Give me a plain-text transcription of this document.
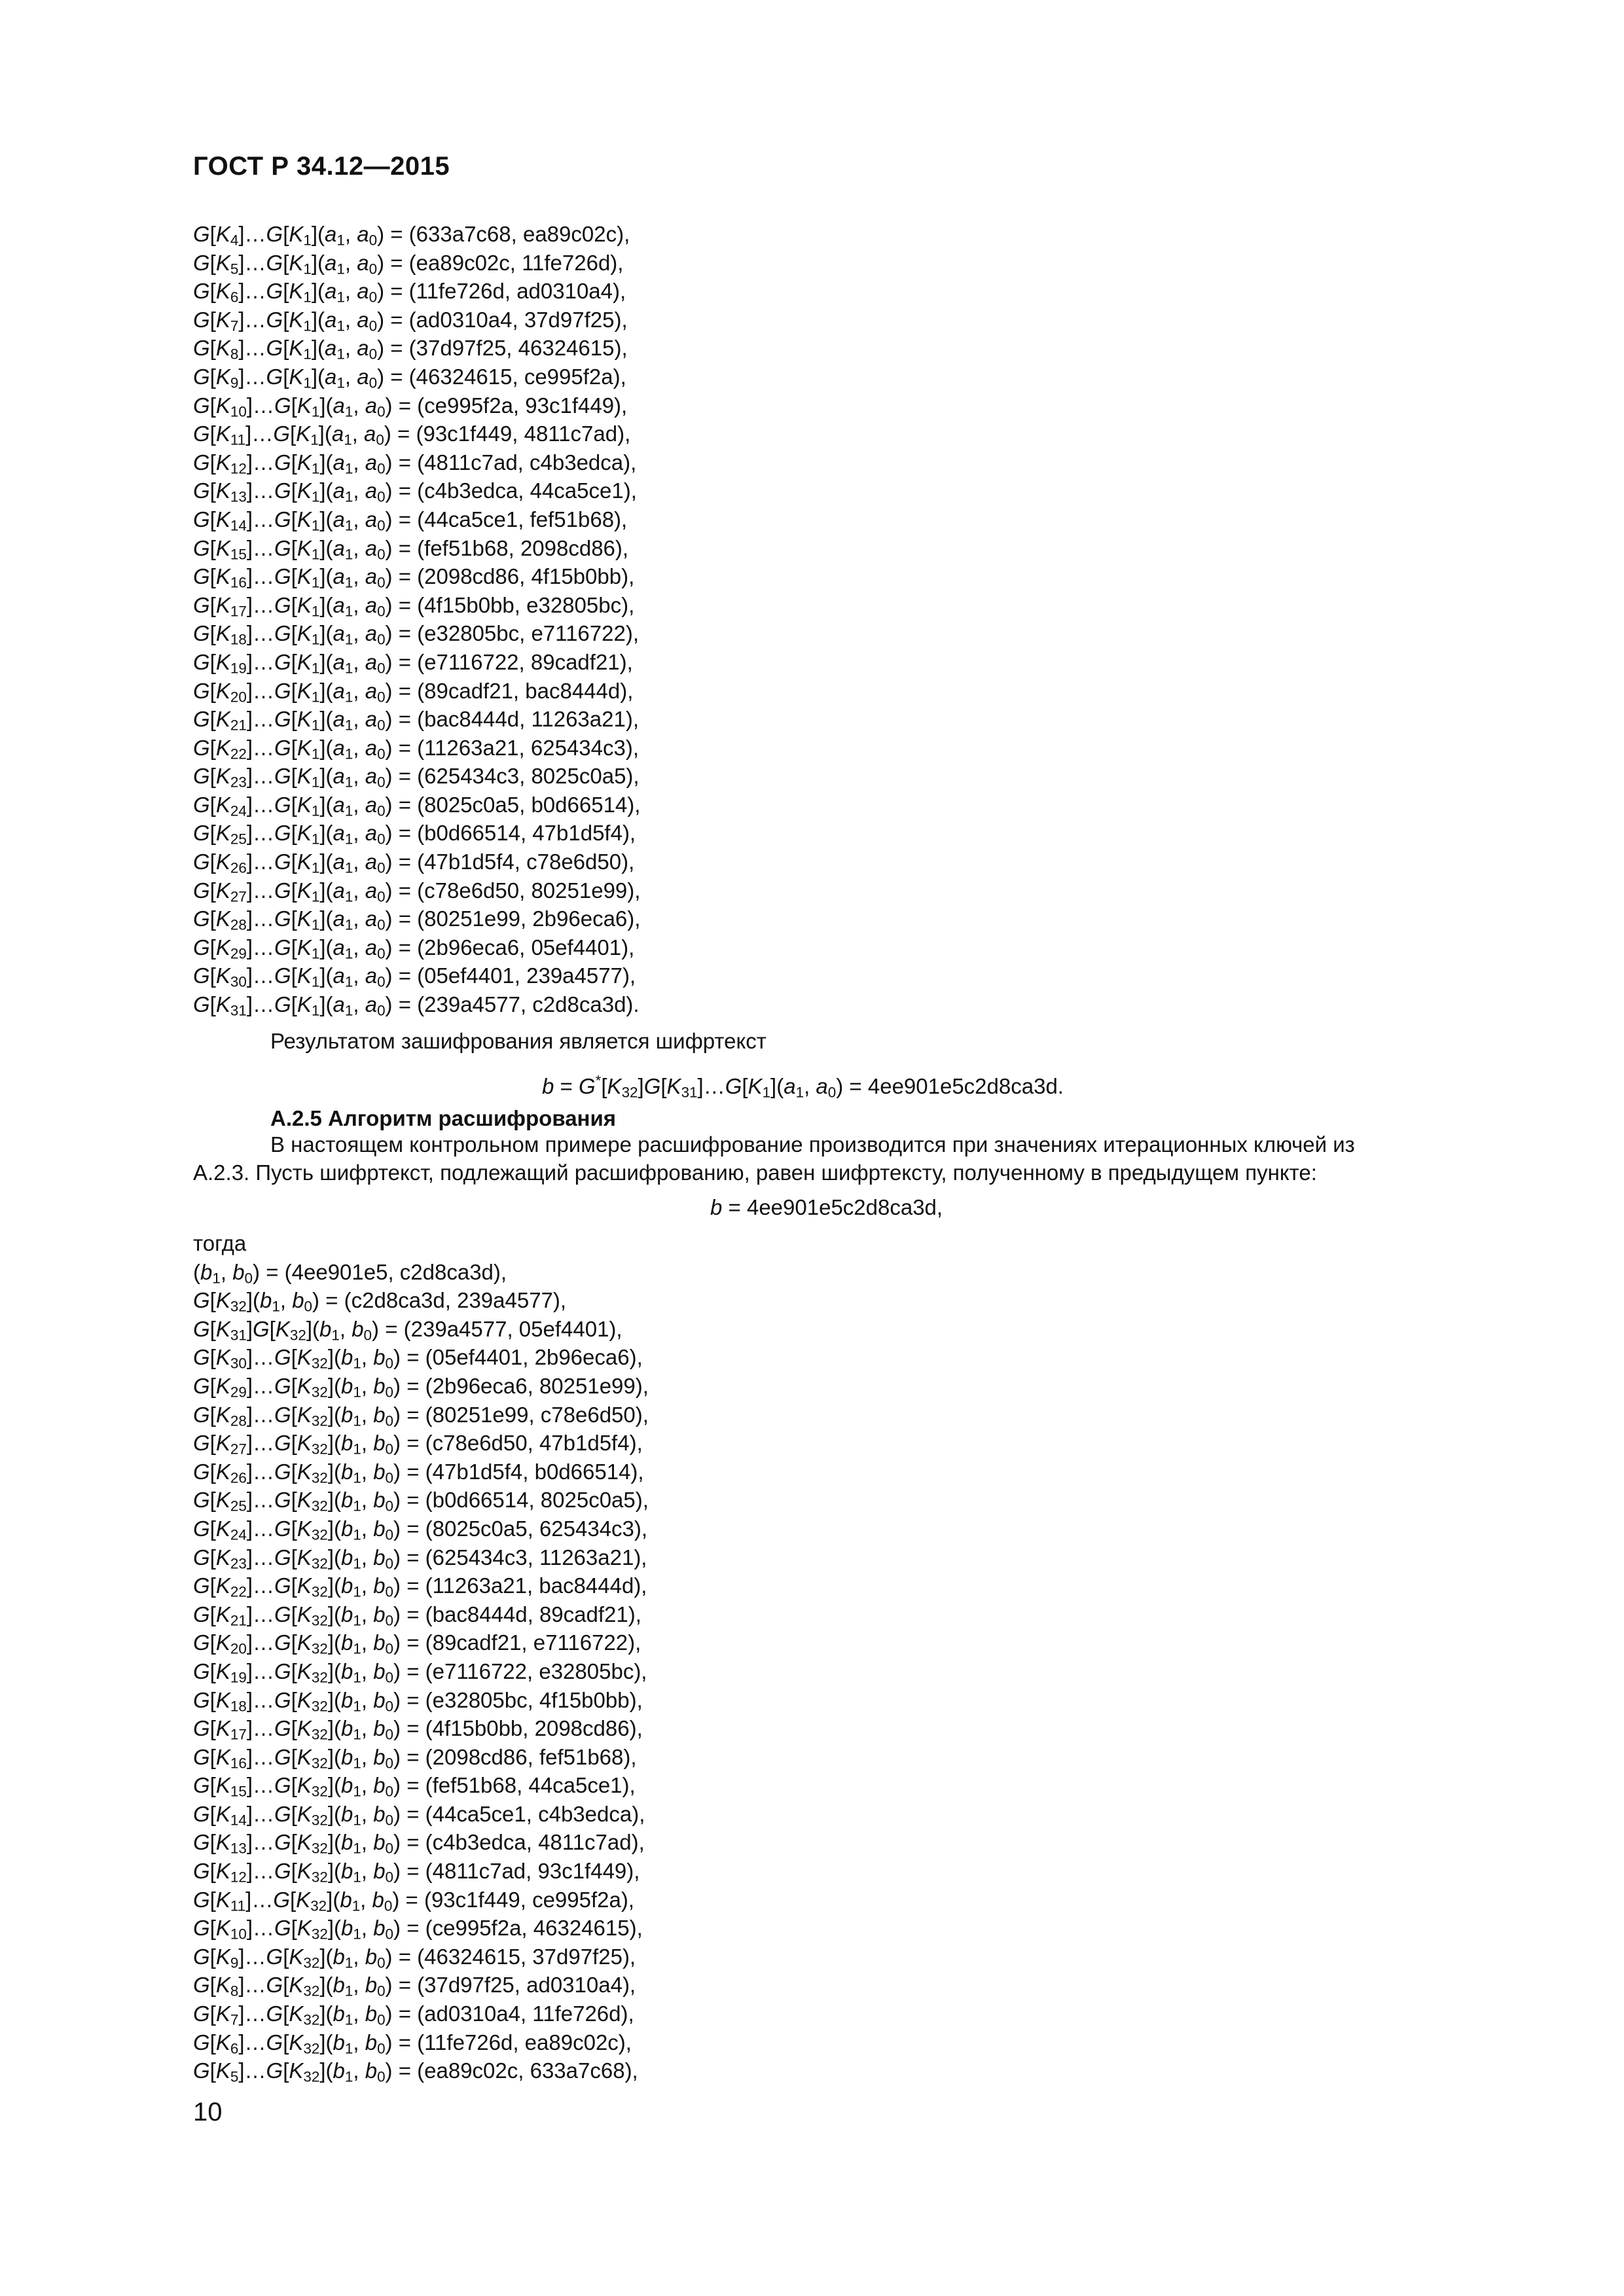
ГОСТ Р 34.12—2015
$G[K_4]\dots G[K_1](a_1$, $a_0) = (633a7c68$, ea89c02c),
$G[K_5]\dots G[K_1](a_1$, $a_0) = (ea89c02c$, 11fe726d),
$G[K_6]\dots G[K_1](a_1$, $a_0) = (11fe726d$, ad0310a4),
$G[K_7]\dots G[K_1](a_1$, $a_0) = (ad0310a4$, 37d97f25),
$G[K_8]\dots G[K_1](a_1$, $a_0) = (37d97f25$, 46324615),
$G[K_9]\dots G[K_1](a_1$, $a_0) = (46324615$, ce995f2a),
$G[K_{10}]\dots G[K_1](a_1$, $a_0) = (ce995f2a$, 93c1f449),
$G[K_{11}]\dots G[K_1](a_1$, $a_0) = (93c1f449$, 4811c7ad),
$G[K_{12}]\dots G[K_1](a_1$, $a_0) = (4811c7ad$, c4b3edca),
$G[K_{13}]\dots G[K_1](a_1$, $a_0$) = (c4b3edca, 44ca5ce1),
$G[K_{14}]\dots G[K_1](a_1$, $a_0) = (44ca5ce1$, fef51b68),
$G[K_{15}]\dots G[K_1](a_1$, $a_0) = (fef51b68$, 2098cd86),
$G[K_{16}]\dots G[K_1](a_1$, $a_0) = (2098cd86$, 4f15b0bb),
$G[K_{17}]\dots G[K_1](a_1$, $a_0) = (4f15b0bb$, e32805bc),
$G[K_{18}]\dots G[K_1](a_1$, $a_0) = (e32805bc$, e7116722),
$G[K_{19}]\dots G[K_1](a_1$, $a_0) = (e7116722$, 89cadf21),
$G[K_{20}]\dots G[K_1](a_1$, $a_0$) = (89cadf21, bac8444d),
$G[K_{21}]\dots G[K_1](a_1$, $a_0) = (bac8444d$, 11263a21),
$G[K_{22}]\dots G[K_1](a_1$, $a_0) = (11263a21$, 625434c3),
$G[K_{23}]\dots G[K_1](a_1$, $a_0) = (625434c3$, 8025c0a5),
$G[K_{24}]\dots G[K_1](a_1$, $a_0) = (8025c0a5$, b0d66514),
$G[K_{25}]\dots G[K_1](a_1$, $a_0) = (b0d66514$, 47b1d5f4),
$G[K_{26}]\dots G[K_1](a_1$, $a_0) = (47b1d5f4$, c78e6d50),
$G[K_{27}]\dots G[K_1](a_1$, $a_0) = (c78e6d50$, 80251e99),
$G[K_{28}]\dots G[K_1](a_1$, $a_0) = (80251e99$, 2b96eca6),
$G[K_{29}]\dots G[K_1](a_1$, $a_0) = (2b96eca6$, 05ef4401),
$G[K_{30}]\dots G[K_1](a_1$, $a_0) = (05ef4401$, 239a4577),
$G[K_{31}]\dots G[K_1](a_1$, $a_0) = (239a4577$, c2d8ca3d).
Результатом зашифрования является шифртекст
$b = G^*[K_{32}]G[K_{31}]\dots G[K_1](a_1$, $a_0) = 4ee901e5c2d8ca3d$.
А.2.5 Алгоритм расшифрования
В настоящем контрольном примере расшифрование производится при значениях итерационных ключей из
А.2.3. Пусть шифртекст, подлежащий расшифрованию, равен шифртексту, полученному в предыдущем пункте:
b = 4ee901e5c2d8ca3d,
тогда
($b_1$, $b_0) = (4ee901e5$, c2d8ca3d),
$G[K_{32}](b_1$, $b_0) = (c2d8ca3d$, 239a4577),
$G[K_{31}]G[K_{32}](b_1$, $b_0) = (239a4577$, 05ef4401),
$G[K_{30}]\dots G[K_{32}](b_1$, $b_0) = (05ef4401$, 2b96eca6),
$G[K_{29}]\dots G[K_{32}](b_1$, $b_0) = (2b96eca6$, 80251e99),
$G[K_{28}]\dots G[K_{32}](b_1$, $b_0) = (80251e99$, c78e6d50),
$G[K_{27}]\dots G[K_{32}](b_1$, $b_0) = (c78e6d50$, 47b1d5f4),
$G[K_{26}]\dots G[K_{32}](b_1$, $b_0) = (47b1d5f4$, b0d66514),
$G[K_{25}]\dots G[K_{32}](b_1$, $b_0) = (b0d66514$, 8025c0a5),
$G[K_{24}]\dots G[K_{32}](b_1$, $b_0) = (8025c0a5$, 625434c3),
$G[K_{23}]\dots G[K_{32}](b_1$, $b_0) = (625434c3$, 11263a21),
$G[K_{22}]\dots G[K_{32}](b_1$, $b_0) = (11263a21$, bac8444d),
$G[K_{21}]\dots G[K_{32}](b_1$, $b_0) = (bac8444d$, 89cadf21),
$G[K_{20}]\dots G[K_{32}](b_1$, $b_0$) = (89cadf21, e7116722),
$G[K_{19}]\dots G[K_{32}](b_1$, $b_0) = (e7116722$, e32805bc),
$G[K_{18}]\dots G[K_{32}](b_1$, $b_0) = (e32805bc$, 4f15b0bb),
$G[K_{17}]\dots G[K_{32}](b_1$, $b_0) = (4f15b0bb$, 2098cd86),
$G[K_{16}]\dots G[K_{32}](b_1$, $b_0) = (2098cd86$, fef51b68),
$G[K_{15}]\dots G[K_{32}](b_1$, $b_0) = (fef51b68$, 44ca5ce1),
$G[K_{14}]\dots G[K_{32}](b_1$, $b_0) = (44ca5ce1$, c4b3edca),
$G[K_{13}]\dots G[K_{32}](b_1$, $b_0$) = (c4b3edca, 4811c7ad),
$G[K_{12}]\dots G[K_{32}](b_1$, $b_0) = (4811c7ad$, 93c1f449),
$G[K_{11}]\dots G[K_{32}](b_1$, $b_0) = (93c1f449$, ce995f2a),
$G[K_{10}]\dots G[K_{32}](b_1$, $b_0) = (ce995f2a$, 46324615),
$G[K_9]\dots G[K_{32}](b_1$, $b_0) = (46324615$, 37d97f25),
$G[K_8]\dots G[K_{32}](b_1$, $b_0) = (37d97f25$, ad0310a4),
$G[K_7]\dots G[K_{32}](b_1$, $b_0) = (ad0310a4$, 11fe726d),
$G[K_6]\dots G[K_{32}](b_1$, $b_0) = (11fe726d$, ea89c02c),
$G[K_5]\dots G[K_{32}](b_1$, $b_0) = (ea89c02c$, 633a7c68),
10
